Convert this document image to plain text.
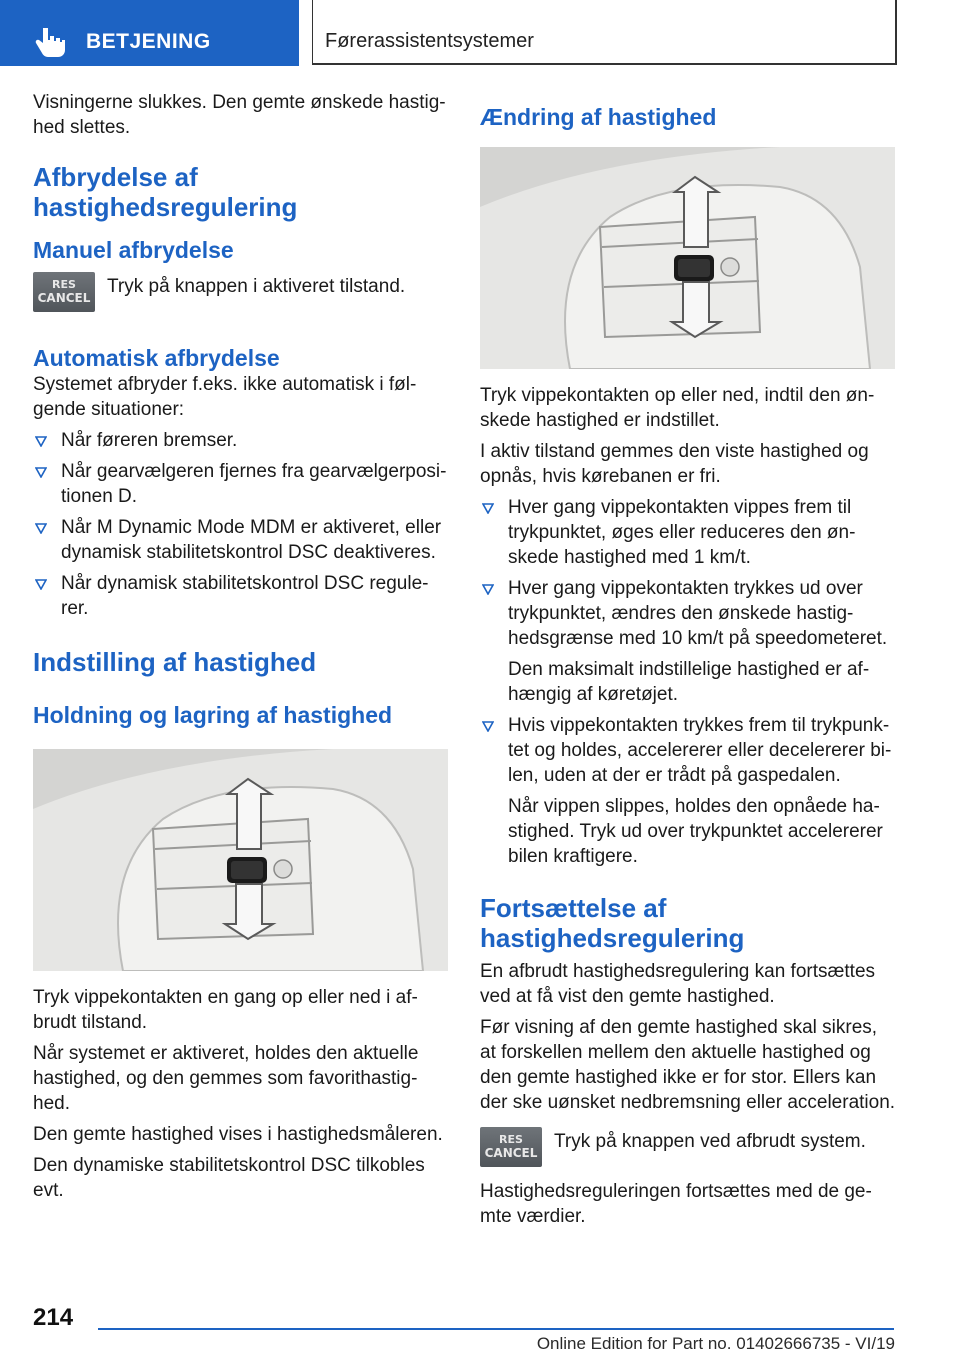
BETJENING	Førerassistentsystemer

Visningerne slukkes. Den gemte ønskede hastig-hed slettes.

Afbrydelse af hastighedsregulering
Manuel afbrydelse
RES
CANCEL

Tryk på knappen i aktiveret tilstand.

Automatisk afbrydelse

Systemet afbryder f.eks. ikke automatisk i føl-gende situationer:

Når føreren bremser.
Når gearvælgeren fjernes fra gearvælgerposi-tionen D.
Når M Dynamic Mode MDM er aktiveret, eller dynamisk stabilitetskontrol DSC deaktiveres.
Når dynamisk stabilitetskontrol DSC regule-rer.
Indstilling af hastighed
Holdning og lagring af hastighed

Tryk vippekontakten en gang op eller ned i af-brudt tilstand.

Når systemet er aktiveret, holdes den aktuelle hastighed, og den gemmes som favorithastig-hed.

Den gemte hastighed vises i hastighedsmåleren.

Den dynamiske stabilitetskontrol DSC tilkobles evt.

Ændring af hastighed

Tryk vippekontakten op eller ned, indtil den øn-skede hastighed er indstillet.

I aktiv tilstand gemmes den viste hastighed og opnås, hvis kørebanen er fri.

Hver gang vippekontakten vippes frem til trykpunktet, øges eller reduceres den øn-skede hastighed med 1 km/t.
Hver gang vippekontakten trykkes ud over trykpunktet, ændres den ønskede hastig-hedsgrænse med 10 km/t på speedometeret.

Den maksimalt indstillelige hastighed er af-hængig af køretøjet.

Hvis vippekontakten trykkes frem til trykpunk-tet og holdes, accelererer eller decelererer bi-len, uden at der er trådt på gaspedalen.

Når vippen slippes, holdes den opnåede ha-stighed. Tryk ud over trykpunktet accelererer bilen kraftigere.

Fortsættelse af hastighedsregulering

En afbrudt hastighedsregulering kan fortsættes ved at få vist den gemte hastighed.

Før visning af den gemte hastighed skal sikres, at forskellen mellem den aktuelle hastighed og den gemte hastighed ikke er for stor. Ellers kan der ske uønsket nedbremsning eller acceleration.

RES
CANCEL

Tryk på knappen ved afbrudt system.

Hastighedsreguleringen fortsættes med de ge-mte værdier.

214
Online Edition for Part no. 01402666735 - VI/19
